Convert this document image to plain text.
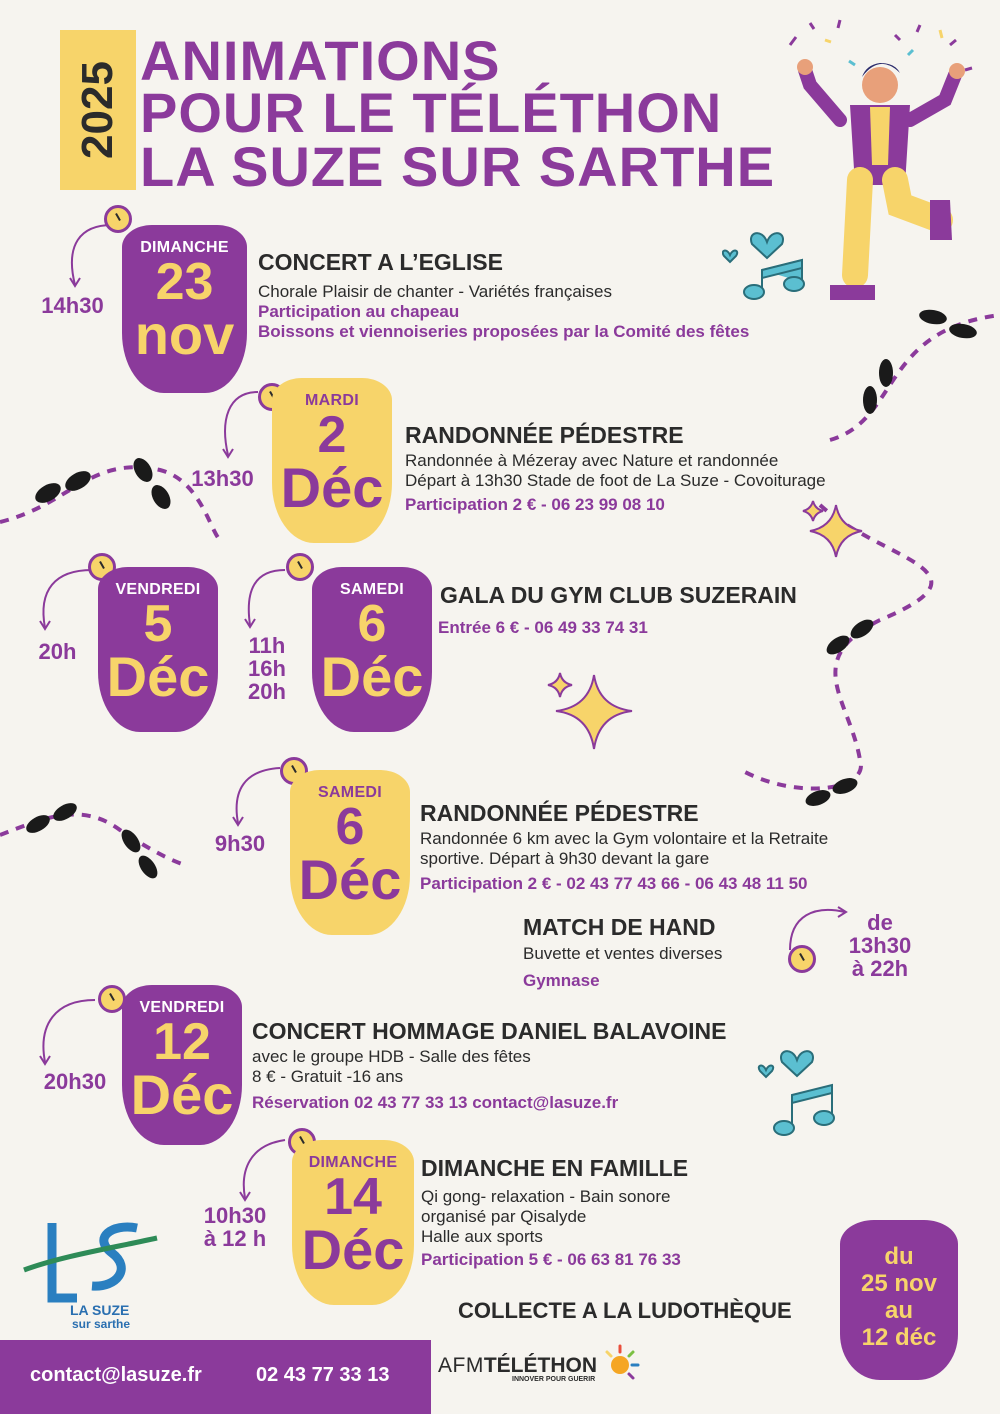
2025
ANIMATIONS
POUR LE TÉLÉTHON
LA SUZE SUR SARTHE
DIMANCHE
23
nov
14h30
CONCERT A L’EGLISE
Chorale Plaisir de chanter - Variétés françaises
Participation au chapeau
Boissons et viennoiseries proposées par la Comité des fêtes
MARDI
2
Déc
13h30
RANDONNÉE PÉDESTRE
Randonnée à Mézeray avec Nature et randonnée
Départ à 13h30 Stade de foot de La Suze - Covoiturage
Participation 2 € - 06 23 99 08 10
VENDREDI
5
Déc
20h
SAMEDI
6
Déc
11h
16h
20h
GALA DU GYM CLUB SUZERAIN
Entrée 6 € - 06 49 33 74 31
SAMEDI
6
Déc
9h30
RANDONNÉE PÉDESTRE
Randonnée 6 km avec la Gym volontaire et la Retraite
sportive. Départ à 9h30 devant la gare
Participation 2 € - 02 43 77 43 66 - 06 43 48 11 50
MATCH DE HAND
Buvette et ventes diverses
Gymnase
de
13h30
à 22h
VENDREDI
12
Déc
20h30
CONCERT HOMMAGE DANIEL BALAVOINE
avec le groupe HDB - Salle des fêtes
8 € - Gratuit -16 ans
Réservation 02 43 77 33 13 contact@lasuze.fr
DIMANCHE
14
Déc
10h30
à 12 h
DIMANCHE EN FAMILLE
Qi gong- relaxation - Bain sonore
organisé par Qisalyde
Halle aux sports
Participation 5 € - 06 63 81 76 33
COLLECTE A LA LUDOTHÈQUE
du
25 nov
au
12 déc
LA SUZE
sur sarthe
contact@lasuze.fr	02 43 77 33 13 AFMTÉLÉTHON
INNOVER POUR GUERIR
